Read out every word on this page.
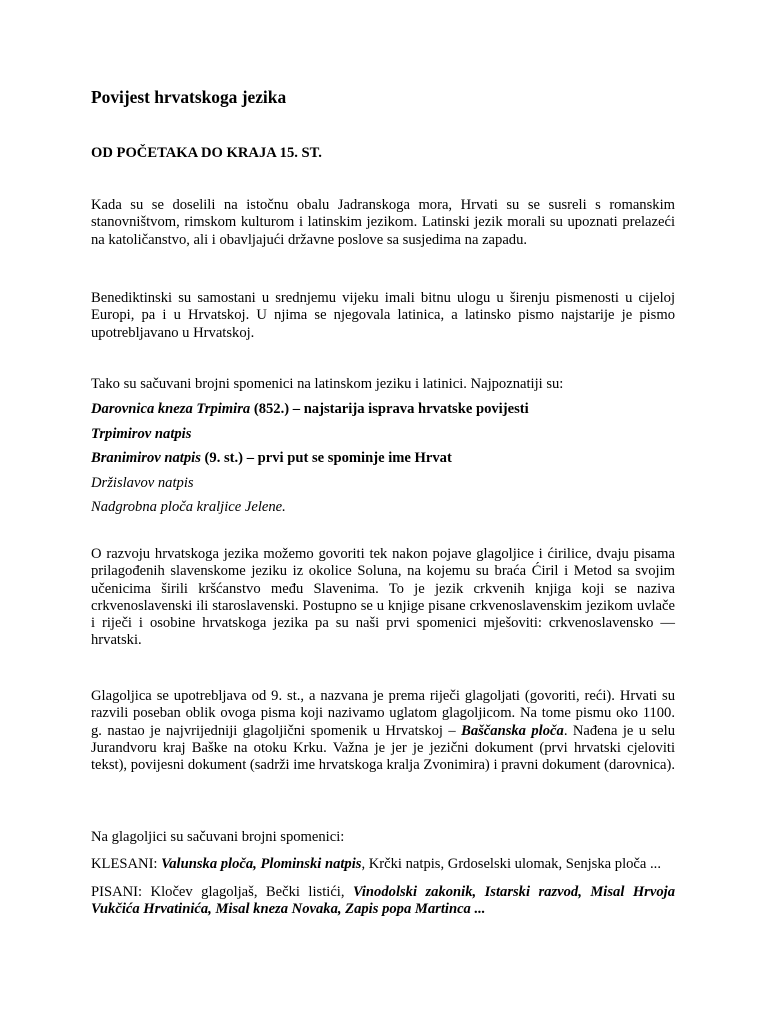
Povijest hrvatskoga jezika
OD POČETAKA DO KRAJA 15. ST.

Kada su se doselili na istočnu obalu Jadranskoga mora, Hrvati su se susreli s romanskim stanovništvom, rimskom kulturom i latinskim jezikom. Latinski jezik morali su upoznati prelazeći na katoličanstvo, ali i obavljajući državne poslove sa susjedima na zapadu.

Benediktinski su samostani u srednjemu vijeku imali bitnu ulogu u širenju pismenosti u cijeloj Europi, pa i u Hrvatskoj. U njima se njegovala latinica, a latinsko pismo najstarije je pismo upotrebljavano u Hrvatskoj.

Tako su sačuvani brojni spomenici na latinskom jeziku i latinici. Najpoznatiji su:

Darovnica kneza Trpimira (852.) – najstarija isprava hrvatske povijesti

Trpimirov natpis

Branimirov natpis (9. st.) – prvi put se spominje ime Hrvat

Držislavov natpis

Nadgrobna ploča kraljice Jelene.

O razvoju hrvatskoga jezika možemo govoriti tek nakon pojave glagoljice i ćirilice, dvaju pisama prilagođenih slavenskome jeziku iz okolice Soluna, na kojemu su braća Ćiril i Metod sa svojim učenicima širili kršćanstvo među Slavenima. To je jezik crkvenih knjiga koji se naziva crkvenoslavenski ili staroslavenski. Postupno se u knjige pisane crkvenoslavenskim jezikom uvlače i riječi i osobine hrvatskoga jezika pa su naši prvi spomenici mješoviti: crkvenoslavensko —hrvatski.

Glagoljica se upotrebljava od 9. st., a nazvana je prema riječi glagoljati (govoriti, reći). Hrvati su razvili poseban oblik ovoga pisma koji nazivamo uglatom glagoljicom. Na tome pismu oko 1100. g. nastao je najvrijedniji glagoljični spomenik u Hrvatskoj – Baščanska ploča. Nađena je u selu Jurandvoru kraj Baške na otoku Krku. Važna je jer je jezični dokument (prvi hrvatski cjeloviti tekst), povijesni dokument (sadrži ime hrvatskoga kralja Zvonimira) i pravni dokument (darovnica).

Na glagoljici su sačuvani brojni spomenici:

KLESANI: Valunska ploča, Plominski natpis, Krčki natpis, Grdoselski ulomak, Senjska ploča ...

PISANI: Kločev glagoljaš, Bečki listići, Vinodolski zakonik, Istarski razvod, Misal Hrvoja Vukčića Hrvatinića, Misal kneza Novaka, Zapis popa Martinca ...
